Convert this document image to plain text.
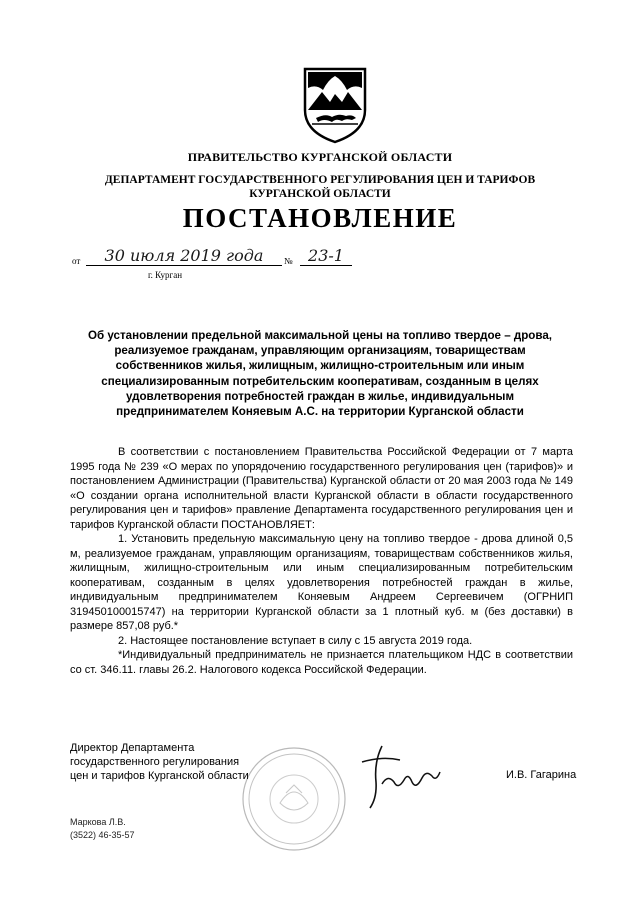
ПРАВИТЕЛЬСТВО КУРГАНСКОЙ ОБЛАСТИ
ДЕПАРТАМЕНТ ГОСУДАРСТВЕННОГО РЕГУЛИРОВАНИЯ ЦЕН И ТАРИФОВ
КУРГАНСКОЙ ОБЛАСТИ
ПОСТАНОВЛЕНИЕ
от	30 июля 2019 года	№ 23-1
г. Курган
Об установлении предельной максимальной цены на топливо твердое – дрова, реализуемое гражданам, управляющим организациям, товариществам собственников жилья, жилищным, жилищно-строительным или иным специализированным потребительским кооперативам, созданным в целях удовлетворения потребностей граждан в жилье, индивидуальным предпринимателем Коняевым А.С. на территории Курганской области

В соответствии с постановлением Правительства Российской Федерации от 7 марта 1995 года № 239 «О мерах по упорядочению государственного регулирования цен (тарифов)» и постановлением Администрации (Правительства) Курганской области от 20 мая 2003 года № 149 «О создании органа исполнительной власти Курганской области в области государственного регулирования цен и тарифов» правление Департамента государственного регулирования цен и тарифов Курганской области ПОСТАНОВЛЯЕТ:

1. Установить предельную максимальную цену на топливо твердое - дрова длиной 0,5 м, реализуемое гражданам, управляющим организациям, товариществам собственников жилья, жилищным, жилищно-строительным или иным специализированным потребительским кооперативам, созданным в целях удовлетворения потребностей граждан в жилье, индивидуальным предпринимателем Коняевым Андреем Сергеевичем (ОГРНИП 319450100015747) на территории Курганской области за 1 плотный куб. м (без доставки) в размере 857,08 руб.*

2. Настоящее постановление вступает в силу с 15 августа 2019 года.

*Индивидуальный предприниматель не признается плательщиком НДС в соответствии со ст. 346.11. главы 26.2. Налогового кодекса Российской Федерации.

Директор Департамента
государственного регулирования
цен и тарифов Курганской области	И.В. Гагарина
Маркова Л.В.
(3522) 46-35-57
